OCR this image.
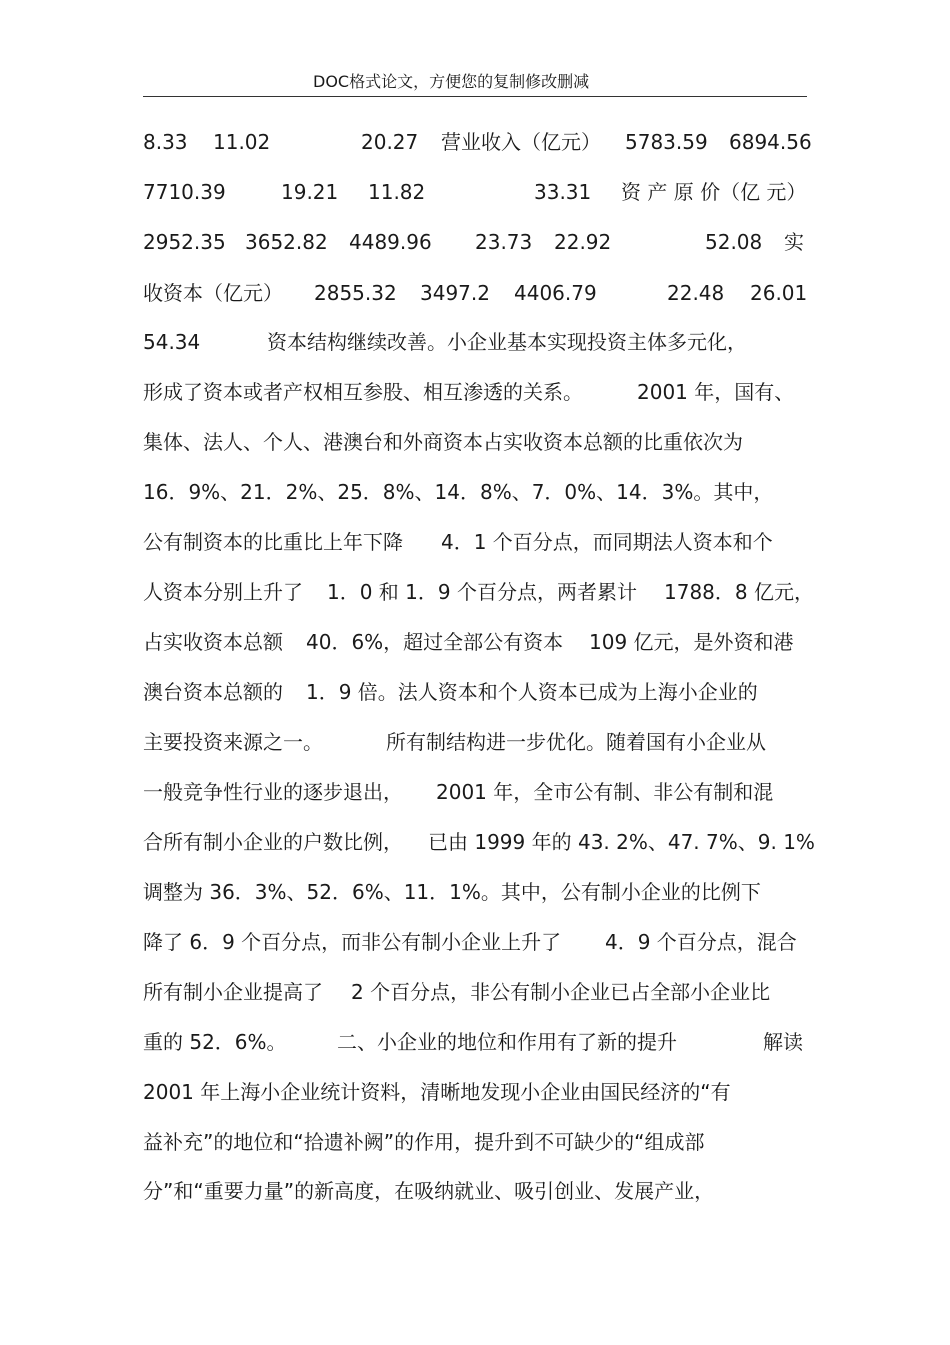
DOC格式论文，方便您的复制修改删减
8.33 11.02	20.27 营业收入（亿元） 5783.59 6894.56
7710.39	19.21 11.82	33.31 资 产 原 价（亿 元）
2952.35 3652.82 4489.96 23.73 22.92	52.08 实
收资本（亿元） 2855.32 3497.2 4406.79	22.48 26.01
54.34	资本结构继续改善。小企业基本实现投资主体多元化，
形成了资本或者产权相互参股、相互渗透的关系。	2001 年，国有、
集体、法人、个人、港澳台和外商资本占实收资本总额的比重依次为
16．9%、21．2%、25．8%、14．8%、7．0%、14．3%。其中，
公有制资本的比重比上年下降 4．1 个百分点，而同期法人资本和个
人资本分别上升了 1．0 和 1．9 个百分点，两者累计 1788．8 亿元，
占实收资本总额 40．6%，超过全部公有资本 109 亿元，是外资和港
澳台资本总额的 1．9 倍。法人资本和个人资本已成为上海小企业的
主要投资来源之一。	所有制结构进一步优化。随着国有小企业从
一般竞争性行业的逐步退出， 2001 年，全市公有制、非公有制和混
合所有制小企业的户数比例， 已由 1999 年的 43. 2%、47. 7%、9. 1%
调整为 36．3%、52．6%、11．1%。其中，公有制小企业的比例下
降了 6．9 个百分点，而非公有制小企业上升了 4．9 个百分点，混合
所有制小企业提高了 2 个百分点，非公有制小企业已占全部小企业比
重的 52．6%。	二、小企业的地位和作用有了新的提升	解读
2001 年上海小企业统计资料，清晰地发现小企业由国民经济的“有
益补充”的地位和“拾遗补阙”的作用，提升到不可缺少的“组成部
分”和“重要力量”的新高度，在吸纳就业、吸引创业、发展产业，
